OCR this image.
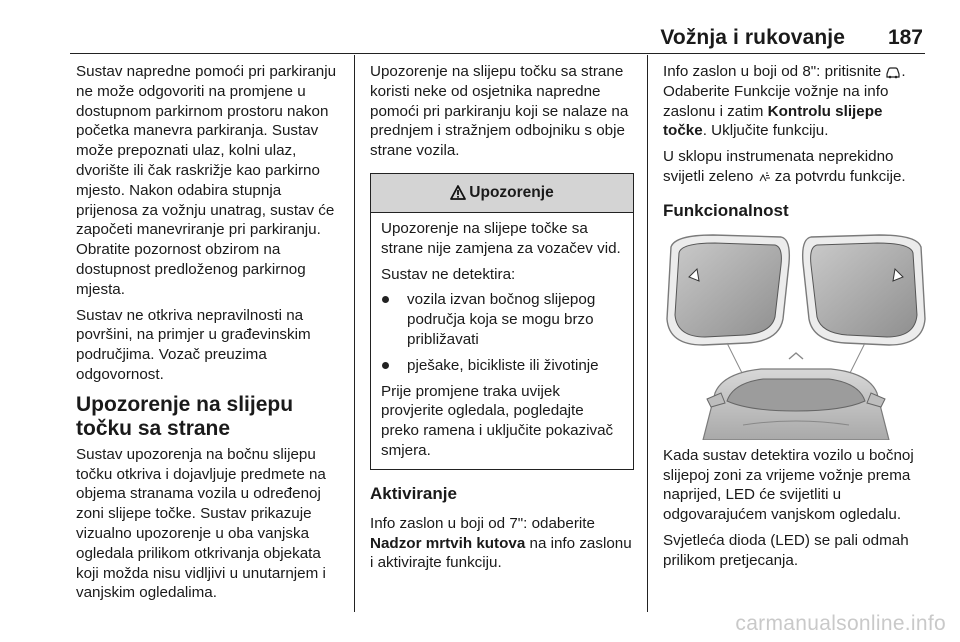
Vožnja i rukovanje 187

Sustav napredne pomoći pri parkiranju ne može odgovoriti na promjene u dostupnom parkirnom prostoru nakon početka manevra parkiranja. Sustav može prepoznati ulaz, kolni ulaz, dvorište ili čak raskrižje kao parkirno mjesto. Nakon odabira stupnja prijenosa za vožnju unatrag, sustav će započeti manevriranje pri parkiranju. Obratite pozornost obzirom na dostupnost predloženog parkirnog mjesta.

Sustav ne otkriva nepravilnosti na površini, na primjer u građevinskim područjima. Vozač preuzima odgovornost.

Upozorenje na slijepu točku sa strane

Sustav upozorenja na bočnu slijepu točku otkriva i dojavljuje predmete na objema stranama vozila u određenoj zoni slijepe točke. Sustav prikazuje vizualno upozorenje u oba vanjska ogledala prilikom otkrivanja objekata koji možda nisu vidljivi u unutarnjem i vanjskim ogledalima.

Upozorenje na slijepu točku sa strane koristi neke od osjetnika napredne pomoći pri parkiranju koji se nalaze na prednjem i stražnjem odbojniku s obje strane vozila.

Upozorenje

Upozorenje na slijepe točke sa strane nije zamjena za vozačev vid.

Sustav ne detektira:

vozila izvan bočnog slijepog područja koja se mogu brzo približavati
pješake, bicikliste ili životinje

Prije promjene traka uvijek provjerite ogledala, pogledajte preko ramena i uključite pokazivač smjera.

Aktiviranje

Info zaslon u boji od 7": odaberite Nadzor mrtvih kutova na info zaslonu i aktivirajte funkciju.

Info zaslon u boji od 8": pritisnite . Odaberite Funkcije vožnje na info zaslonu i zatim Kontrolu slijepe točke. Uključite funkciju.

U sklopu instrumenata neprekidno svijetli zeleno  za potvrdu funkcije.

Funkcionalnost

Kada sustav detektira vozilo u bočnoj slijepoj zoni za vrijeme vožnje prema naprijed, LED će svijetliti u odgovarajućem vanjskom ogledalu.

Svjetleća dioda (LED) se pali odmah prilikom pretjecanja.

carmanualsonline.info
